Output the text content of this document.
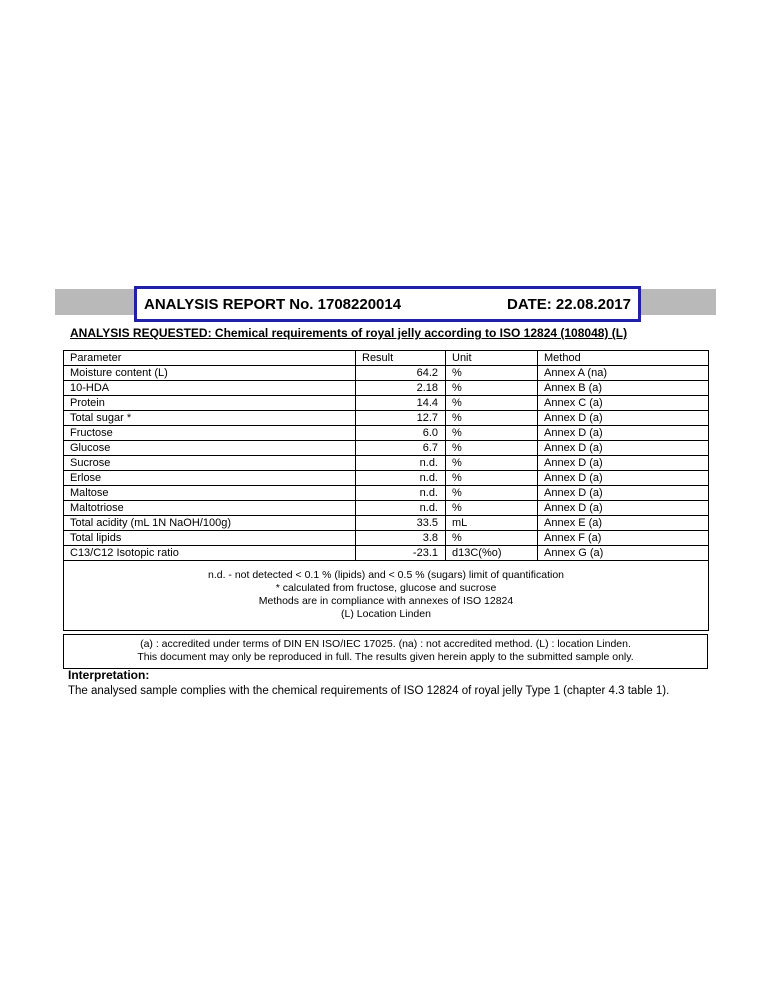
ANALYSIS REPORT No. 1708220014	DATE: 22.08.2017
ANALYSIS REQUESTED: Chemical requirements of royal jelly according to ISO 12824 (108048) (L)
Parameter	Result	Unit	Method
Moisture content (L)	64.2	%	Annex A (na)
10-HDA	2.18	%	Annex B (a)
Protein	14.4	%	Annex C (a)
Total sugar *	12.7	%	Annex D (a)
Fructose	6.0	%	Annex D (a)
Glucose	6.7	%	Annex D (a)
Sucrose	n.d.	%	Annex D (a)
Erlose	n.d.	%	Annex D (a)
Maltose	n.d.	%	Annex D (a)
Maltotriose	n.d.	%	Annex D (a)
Total acidity (mL 1N NaOH/100g)	33.5	mL	Annex E (a)
Total lipids	3.8	%	Annex F (a)
C13/C12 Isotopic ratio	-23.1	d13C(%o)	Annex G (a)

n.d. - not detected < 0.1 % (lipids) and < 0.5 % (sugars) limit of quantification
* calculated from fructose, glucose and sucrose
Methods are in compliance with annexes of ISO 12824
(L) Location Linden			
(a) : accredited under terms of DIN EN ISO/IEC 17025. (na) : not accredited method. (L) : location Linden.
This document may only be reproduced in full. The results given herein apply to the submitted sample only.
Interpretation:
The analysed sample complies with the chemical requirements of ISO 12824 of royal jelly Type 1 (chapter 4.3 table 1).
